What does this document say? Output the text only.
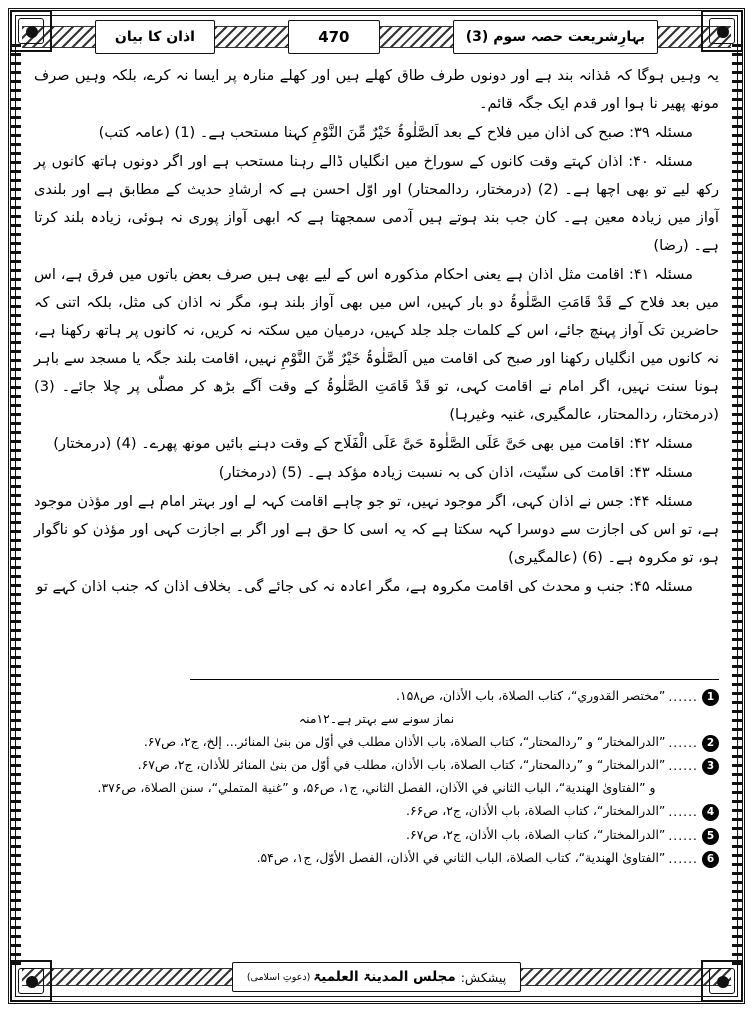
اذان کا بیان	470	بہارِشریعت حصہ سوم (3)

یہ وہیں ہوگا کہ مٔذانہ بند ہے اور دونوں طرف طاق کھلے ہیں اور کھلے منارہ پر ایسا نہ کرے، بلکہ وہیں صرف مونھ پھیر نا ہوا اور قدم ایک جگہ قائم۔

مسئلہ ۳۹: صبح کی اذان میں فلاح کے بعد اَلصَّلٰوۃُ خَیْرٌ مِّنَ النَّوْمِ کہنا مستحب ہے۔ (1) (عامہ کتب)

مسئلہ ۴۰: اذان کہتے وقت کانوں کے سوراخ میں انگلیاں ڈالے رہنا مستحب ہے اور اگر دونوں ہاتھ کانوں پر رکھ لیے تو بھی اچھا ہے۔ (2) (درمختار، ردالمحتار) اور اوّل احسن ہے کہ ارشادِ حدیث کے مطابق ہے اور بلندی آواز میں زیادہ معین ہے۔ کان جب بند ہوتے ہیں آدمی سمجھتا ہے کہ ابھی آواز پوری نہ ہوئی، زیادہ بلند کرتا ہے۔ (رضا)

مسئلہ ۴۱: اقامت مثل اذان ہے یعنی احکام مذکورہ اس کے لیے بھی ہیں صرف بعض باتوں میں فرق ہے، اس میں بعد فلاح کے قَدْ قَامَتِ الصَّلٰوۃُ دو بار کہیں، اس میں بھی آواز بلند ہو، مگر نہ اذان کی مثل، بلکہ اتنی کہ حاضرین تک آواز پہنچ جائے، اس کے کلمات جلد جلد کہیں، درمیان میں سکتہ نہ کریں، نہ کانوں پر ہاتھ رکھنا ہے، نہ کانوں میں انگلیاں رکھنا اور صبح کی اقامت میں اَلصَّلٰوۃُ خَیْرٌ مِّنَ النَّوْمِ نہیں، اقامت بلند جگہ یا مسجد سے باہر ہونا سنت نہیں، اگر امام نے اقامت کہی، تو قَدْ قَامَتِ الصَّلٰوۃُ کے وقت آگے بڑھ کر مصلّٰی پر چلا جائے۔ (3) (درمختار، ردالمحتار، عالمگیری، غنیہ وغیرہا)

مسئلہ ۴۲: اقامت میں بھی حَیَّ عَلَی الصَّلٰوۃ حَیَّ عَلَی الْفَلَاح کے وقت دہنے بائیں مونھ پھرے۔ (4) (درمختار)

مسئلہ ۴۳: اقامت کی سنّیت، اذان کی بہ نسبت زیادہ مؤکد ہے۔ (5) (درمختار)

مسئلہ ۴۴: جس نے اذان کہی، اگر موجود نہیں، تو جو چاہے اقامت کہہ لے اور بہتر امام ہے اور مؤذن موجود ہے، تو اس کی اجازت سے دوسرا کہہ سکتا ہے کہ یہ اسی کا حق ہے اور اگر بے اجازت کہی اور مؤذن کو ناگوار ہو، تو مکروہ ہے۔ (6) (عالمگیری)

مسئلہ ۴۵: جنب و محدث کی اقامت مکروہ ہے، مگر اعادہ نہ کی جائے گی۔ بخلاف اذان کہ جنب اذان کہے تو

1
......
”مختصر القدوري“، كتاب الصلاة، باب الأذان، ص۱۵۸.
نماز سونے سے بہتر ہے۔۱۲منہ
2
......
”الدرالمختار“ و ”ردالمحتار“، كتاب الصلاة، باب الأذان مطلب في أوّل من بنیٰ المنائر... إلخ، ج۲، ص۶۷.
3
......
”الدرالمختار“ و ”ردالمحتار“، كتاب الصلاة، باب الأذان، مطلب في أوّل من بنیٰ المنائر للأذان، ج۲، ص۶۷.
و ”الفتاویٰ الهندية“، الباب الثاني في الآذان، الفصل الثاني، ج۱، ص۵۶، و ”غنیة المتملي“، سنن الصلاة، ص۳۷۶.
4
......
”الدرالمختار“، كتاب الصلاة، باب الأذان، ج۲، ص۶۶.
5
......
”الدرالمختار“، كتاب الصلاة، باب الأذان، ج۲، ص۶۷.
6
......
”الفتاویٰ الهندية“، كتاب الصلاة، الباب الثاني في الأذان، الفصل الأوّل، ج۱، ص۵۴.
پیشکش:
مجلس المدینۃ العلمیۃ
(دعوتِ اسلامی)
